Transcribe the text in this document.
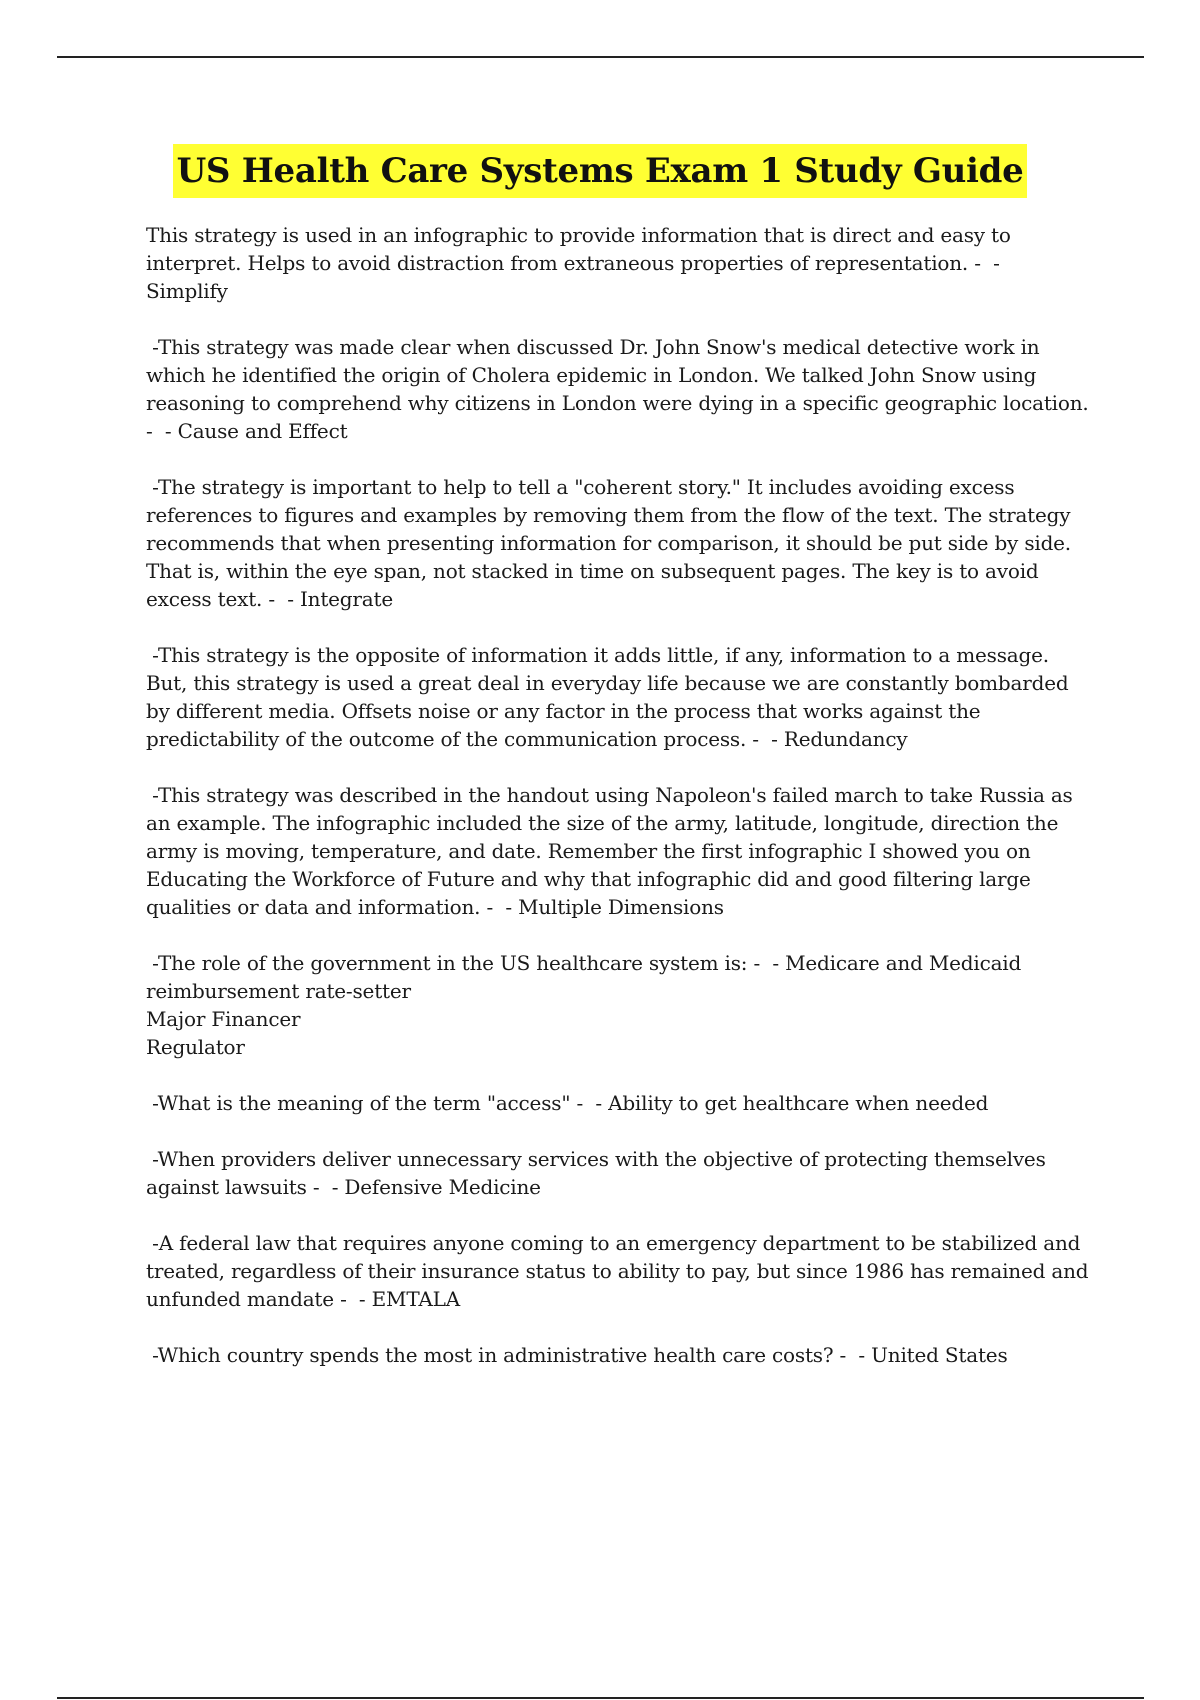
US Health Care Systems Exam 1 Study Guide

This strategy is used in an infographic to provide information that is direct and easy to interpret. Helps to avoid distraction from extraneous properties of representation. -  -
Simplify

-This strategy was made clear when discussed Dr. John Snow's medical detective work in which he identified the origin of Cholera epidemic in London. We talked John Snow using reasoning to comprehend why citizens in London were dying in a specific geographic location. -  - Cause and Effect

-The strategy is important to help to tell a "coherent story." It includes avoiding excess references to figures and examples by removing them from the flow of the text. The strategy recommends that when presenting information for comparison, it should be put side by side. That is, within the eye span, not stacked in time on subsequent pages. The key is to avoid excess text. -  - Integrate

-This strategy is the opposite of information it adds little, if any, information to a message. But, this strategy is used a great deal in everyday life because we are constantly bombarded by different media. Offsets noise or any factor in the process that works against the predictability of the outcome of the communication process. -  - Redundancy

-This strategy was described in the handout using Napoleon's failed march to take Russia as an example. The infographic included the size of the army, latitude, longitude, direction the army is moving, temperature, and date. Remember the first infographic I showed you on Educating the Workforce of Future and why that infographic did and good filtering large qualities or data and information. -  - Multiple Dimensions

-The role of the government in the US healthcare system is: -  - Medicare and Medicaid reimbursement rate-setter
Major Financer
Regulator

-What is the meaning of the term "access" -  - Ability to get healthcare when needed

-When providers deliver unnecessary services with the objective of protecting themselves against lawsuits -  - Defensive Medicine

-A federal law that requires anyone coming to an emergency department to be stabilized and treated, regardless of their insurance status to ability to pay, but since 1986 has remained and unfunded mandate -  - EMTALA

-Which country spends the most in administrative health care costs? -  - United States
